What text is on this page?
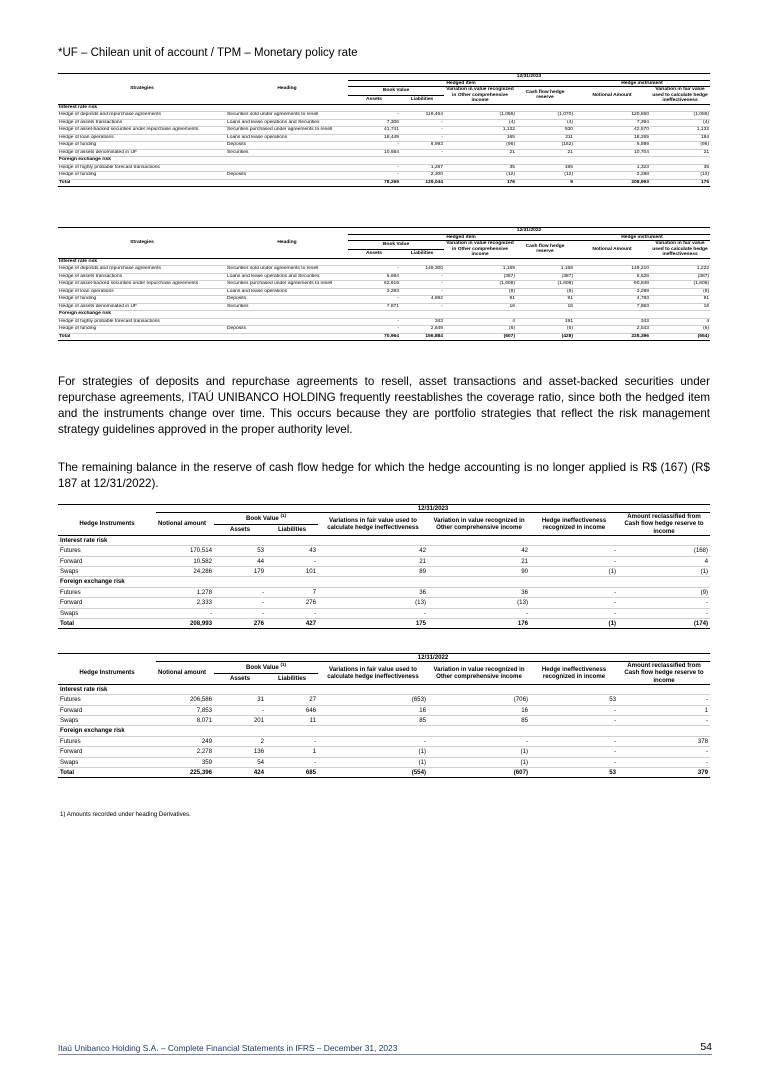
*UF – Chilean unit of account / TPM – Monetary policy rate
Strategies	Heading	12/31/2023					
		Hedged item				Hedge instrument	
		Book Value		Variation in value recognized in Other comprehensive income	Cash flow hedge reserve	Notional Amount	Variation in fair value used to calculate hedge ineffectiveness
		Assets	Liabilities				
Interest rate risk							
Hedge of deposits and repurchase agreements	Securities sold under agreements to resell	-	118,464	(1,086)	(1,070)	120,550	(1,086)
Hedge of assets transactions	Loans and lease operations and Securities	7,306	-	(4)	(4)	7,394	(4)
Hedge of asset-backed securities under repurchase agreements	Securities purchased under agreements to resell	41,741	-	1,132	930	42,570	1,132
Hedge of loan operations	Loans and lease operations	18,449	-	165	211	18,265	184
Hedge of funding	Deposits	-	6,993	(96)	(162)	6,899	(96)
Hedge of assets denominated in UF	Securities	10,664	-	21	21	10,704	21
Foreign exchange risk							
Hedge of highly probable forecast transactions		-	1,287	35	195	1,323	35
Hedge of funding	Deposits	-	2,300	(12)	(12)	2,288	(12)
Total		78,269	129,044	176	9	208,993	175
Strategies	Heading	12/31/2022					
		Hedged item				Hedge instrument	
		Book Value		Variation in value recognized in Other comprehensive income	Cash flow hedge reserve	Notional Amount	Variation in fair value used to calculate hedge ineffectiveness
		Assets	Liabilities				
Interest rate risk							
Hedge of deposits and repurchase agreements	Securities sold under agreements to resell	-	149,300	1,169	1,169	149,210	1,222
Hedge of assets transactions	Loans and lease operations and Securities	6,694	-	(387)	(387)	6,628	(387)
Hedge of asset-backed securities under repurchase agreements	Securities purchased under agreements to resell	62,916	-	(1,608)	(1,608)	60,848	(1,608)
Hedge of loan operations	Loans and lease operations	3,283	-	(8)	(8)	3,288	(8)
Hedge of funding	Deposits	-	4,692	91	91	4,783	91
Hedge of assets denominated in UF	Securities	7,871	-	16	16	7,863	16
Foreign exchange risk							
Hedge of highly probable forecast transactions		-	343	4	191	343	4
Hedge of funding	Deposits	-	2,649	(6)	(6)	2,543	(6)
Total		70,964	156,884	(607)	(428)	225,396	(554)

For strategies of deposits and repurchase agreements to resell, asset transactions and asset-backed securities under repurchase agreements, ITAÚ UNIBANCO HOLDING frequently reestablishes the coverage ratio, since both the hedged item and the instruments change over time. This occurs because they are portfolio strategies that reflect the risk management strategy guidelines approved in the proper authority level.

The remaining balance in the reserve of cash flow hedge for which the hedge accounting is no longer applied is R$ (167) (R$ 187 at 12/31/2022).

	12/31/2023						
Hedge Instruments	Notional amount	Book Value $^{(1)}$		Variations in fair value used to calculate hedge ineffectiveness	Variation in value recognized in Other comprehensive income	Hedge ineffectiveness recognized in income	Amount reclassified from Cash flow hedge reserve to income
		Assets	Liabilities				
Interest rate risk							
Futures	170,514	53	43	42	42	-	(168)
Forward	10,582	44	-	21	21	-	4
Swaps	24,286	179	101	89	90	(1)	(1)
Foreign exchange risk							
Futures	1,278	-	7	36	36	-	(9)
Forward	2,333	-	276	(13)	(13)	-	-
Swaps	-	-	-	-	-	-	-
Total	208,993	276	427	175	176	(1)	(174)
	12/31/2022						
Hedge Instruments	Notional amount	Book Value $^{(1)}$		Variations in fair value used to calculate hedge ineffectiveness	Variation in value recognized in Other comprehensive income	Hedge ineffectiveness recognized in income	Amount reclassified from Cash flow hedge reserve to income
		Assets	Liabilities				
Interest rate risk							
Futures	206,586	31	27	(653)	(706)	53	-
Forward	7,853	-	646	16	16	-	1
Swaps	8,071	201	11	85	85	-	-
Foreign exchange risk							
Futures	249	2	-	-	-	-	378
Forward	2,278	136	1	(1)	(1)	-	-
Swaps	359	54	-	(1)	(1)	-	-
Total	225,396	424	685	(554)	(607)	53	379
1) Amounts recorded under heading Derivatives.
Itaú Unibanco Holding S.A. – Complete Financial Statements in IFRS – December 31, 2023	54
